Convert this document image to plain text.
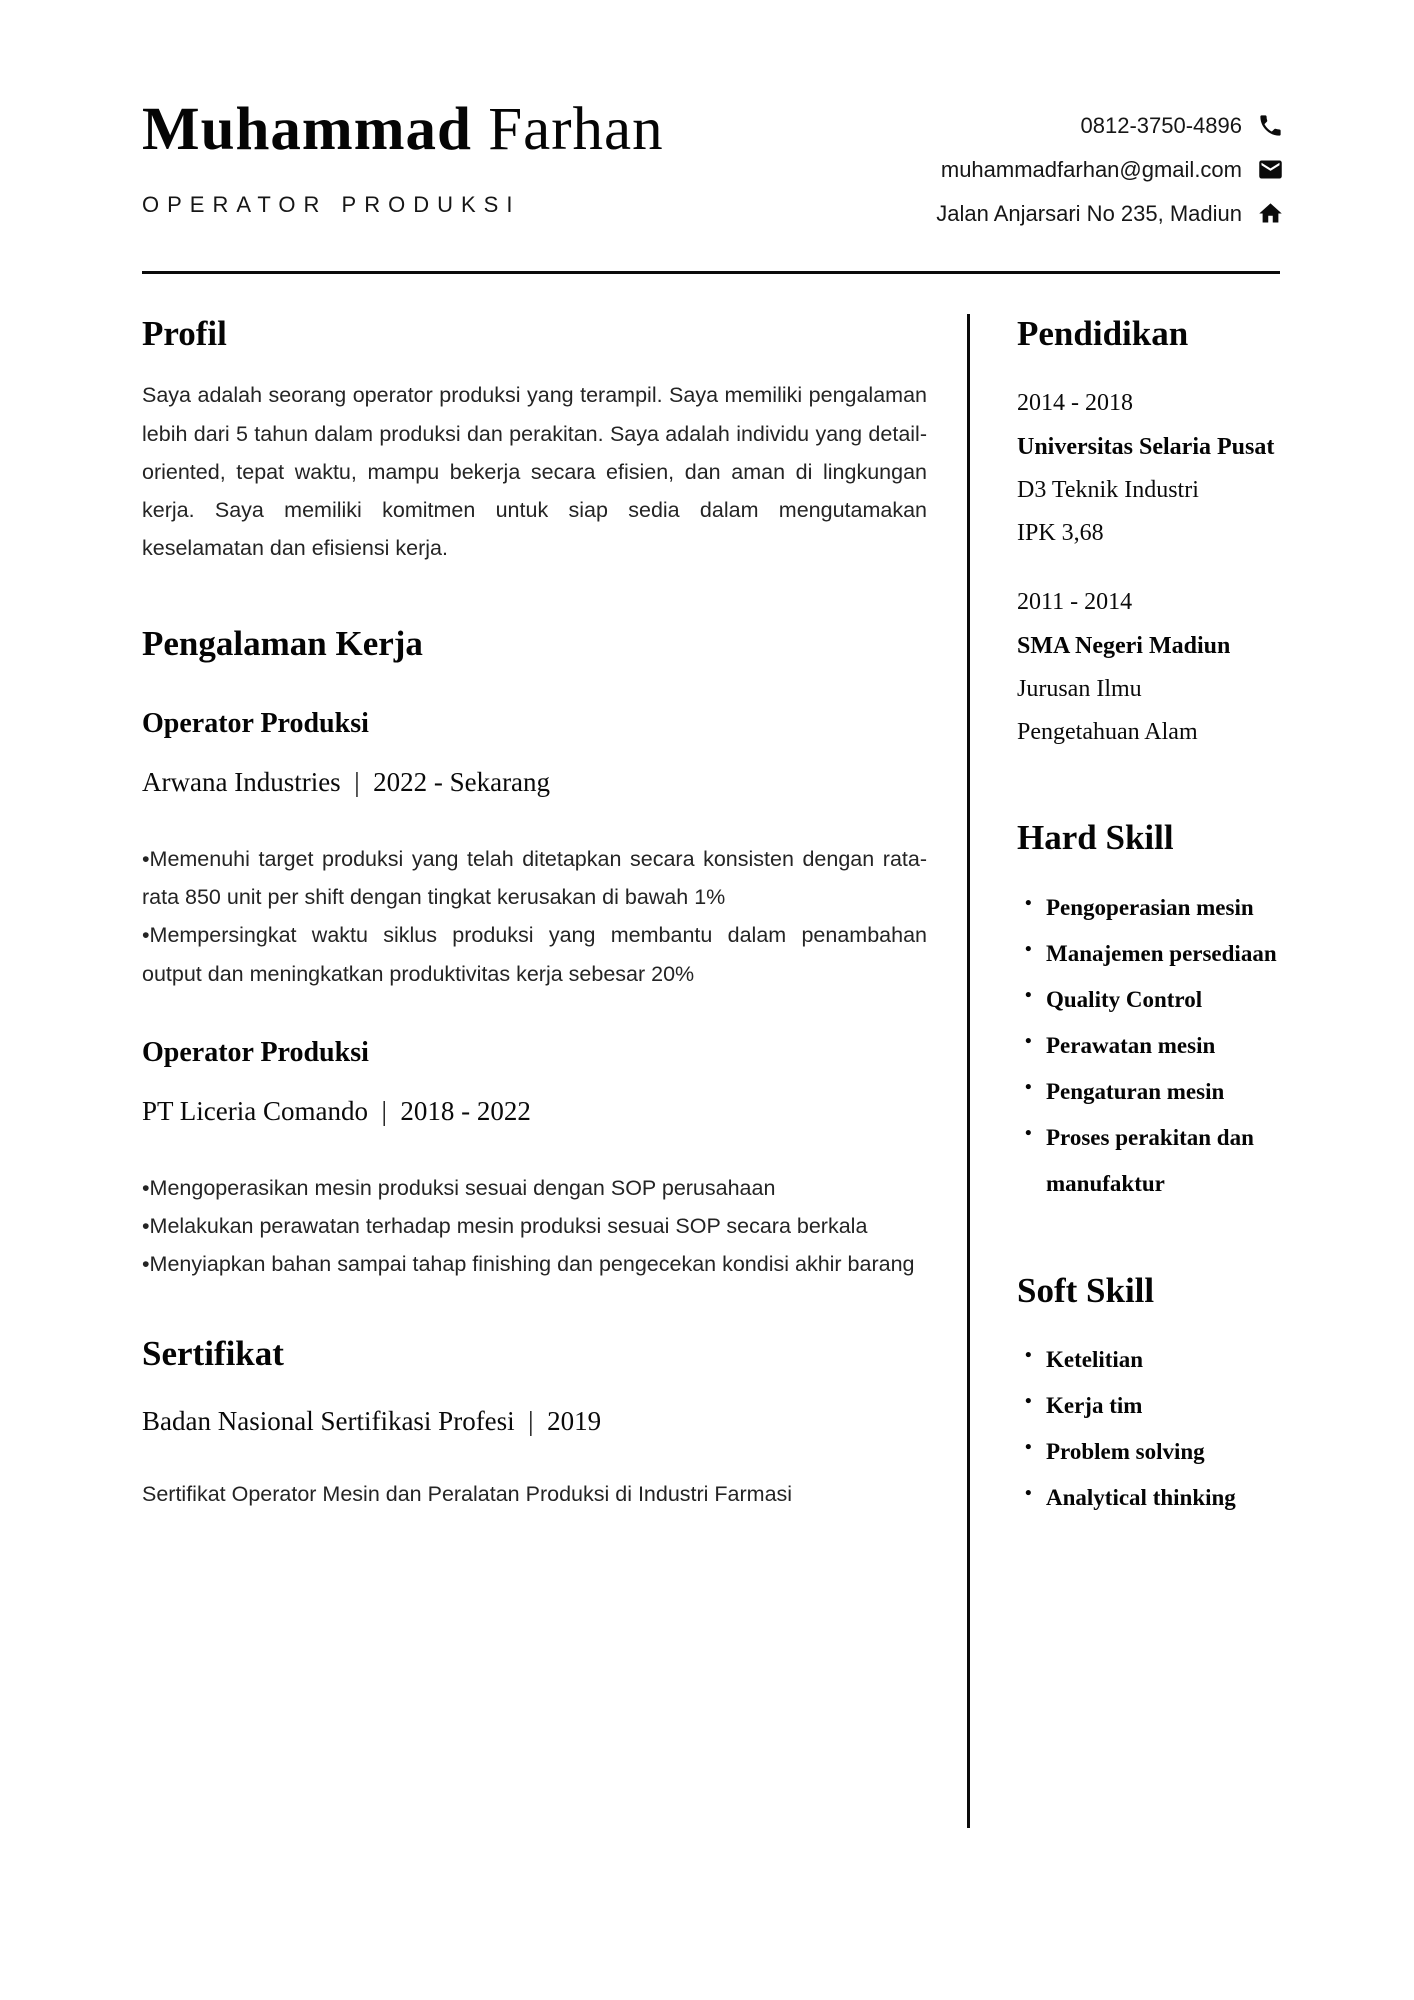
Muhammad Farhan
OPERATOR PRODUKSI
0812-3750-4896
muhammadfarhan@gmail.com
Jalan Anjarsari No 235, Madiun
Profil

Saya adalah seorang operator produksi yang terampil. Saya memiliki pengalaman lebih dari 5 tahun dalam produksi dan perakitan. Saya adalah individu yang detail-oriented, tepat waktu, mampu bekerja secara efisien, dan aman di lingkungan kerja. Saya memiliki komitmen untuk siap sedia dalam mengutamakan keselamatan dan efisiensi kerja.

Pengalaman Kerja
Operator Produksi
Arwana Industries  |  2022 - Sekarang

• Memenuhi target produksi yang telah ditetapkan secara konsisten dengan rata-rata 850 unit per shift dengan tingkat kerusakan di bawah 1%

• Mempersingkat waktu siklus produksi yang membantu dalam penambahan output dan meningkatkan produktivitas kerja sebesar 20%

Operator Produksi
PT Liceria Comando  |  2018 - 2022

• Mengoperasikan mesin produksi sesuai dengan SOP perusahaan

• Melakukan perawatan terhadap mesin produksi sesuai SOP secara berkala

• Menyiapkan bahan sampai tahap finishing dan pengecekan kondisi akhir barang

Sertifikat
Badan Nasional Sertifikasi Profesi  |  2019

Sertifikat Operator Mesin dan Peralatan Produksi di Industri Farmasi

Pendidikan
2014 - 2018
Universitas Selaria Pusat
D3 Teknik Industri
IPK 3,68
2011 - 2014
SMA Negeri Madiun
Jurusan Ilmu
Pengetahuan Alam
Hard Skill
• Pengoperasian mesin
• Manajemen persediaan
• Quality Control
• Perawatan mesin
• Pengaturan mesin
• Proses perakitan dan manufaktur
Soft Skill
• Ketelitian
• Kerja tim
• Problem solving
• Analytical thinking
